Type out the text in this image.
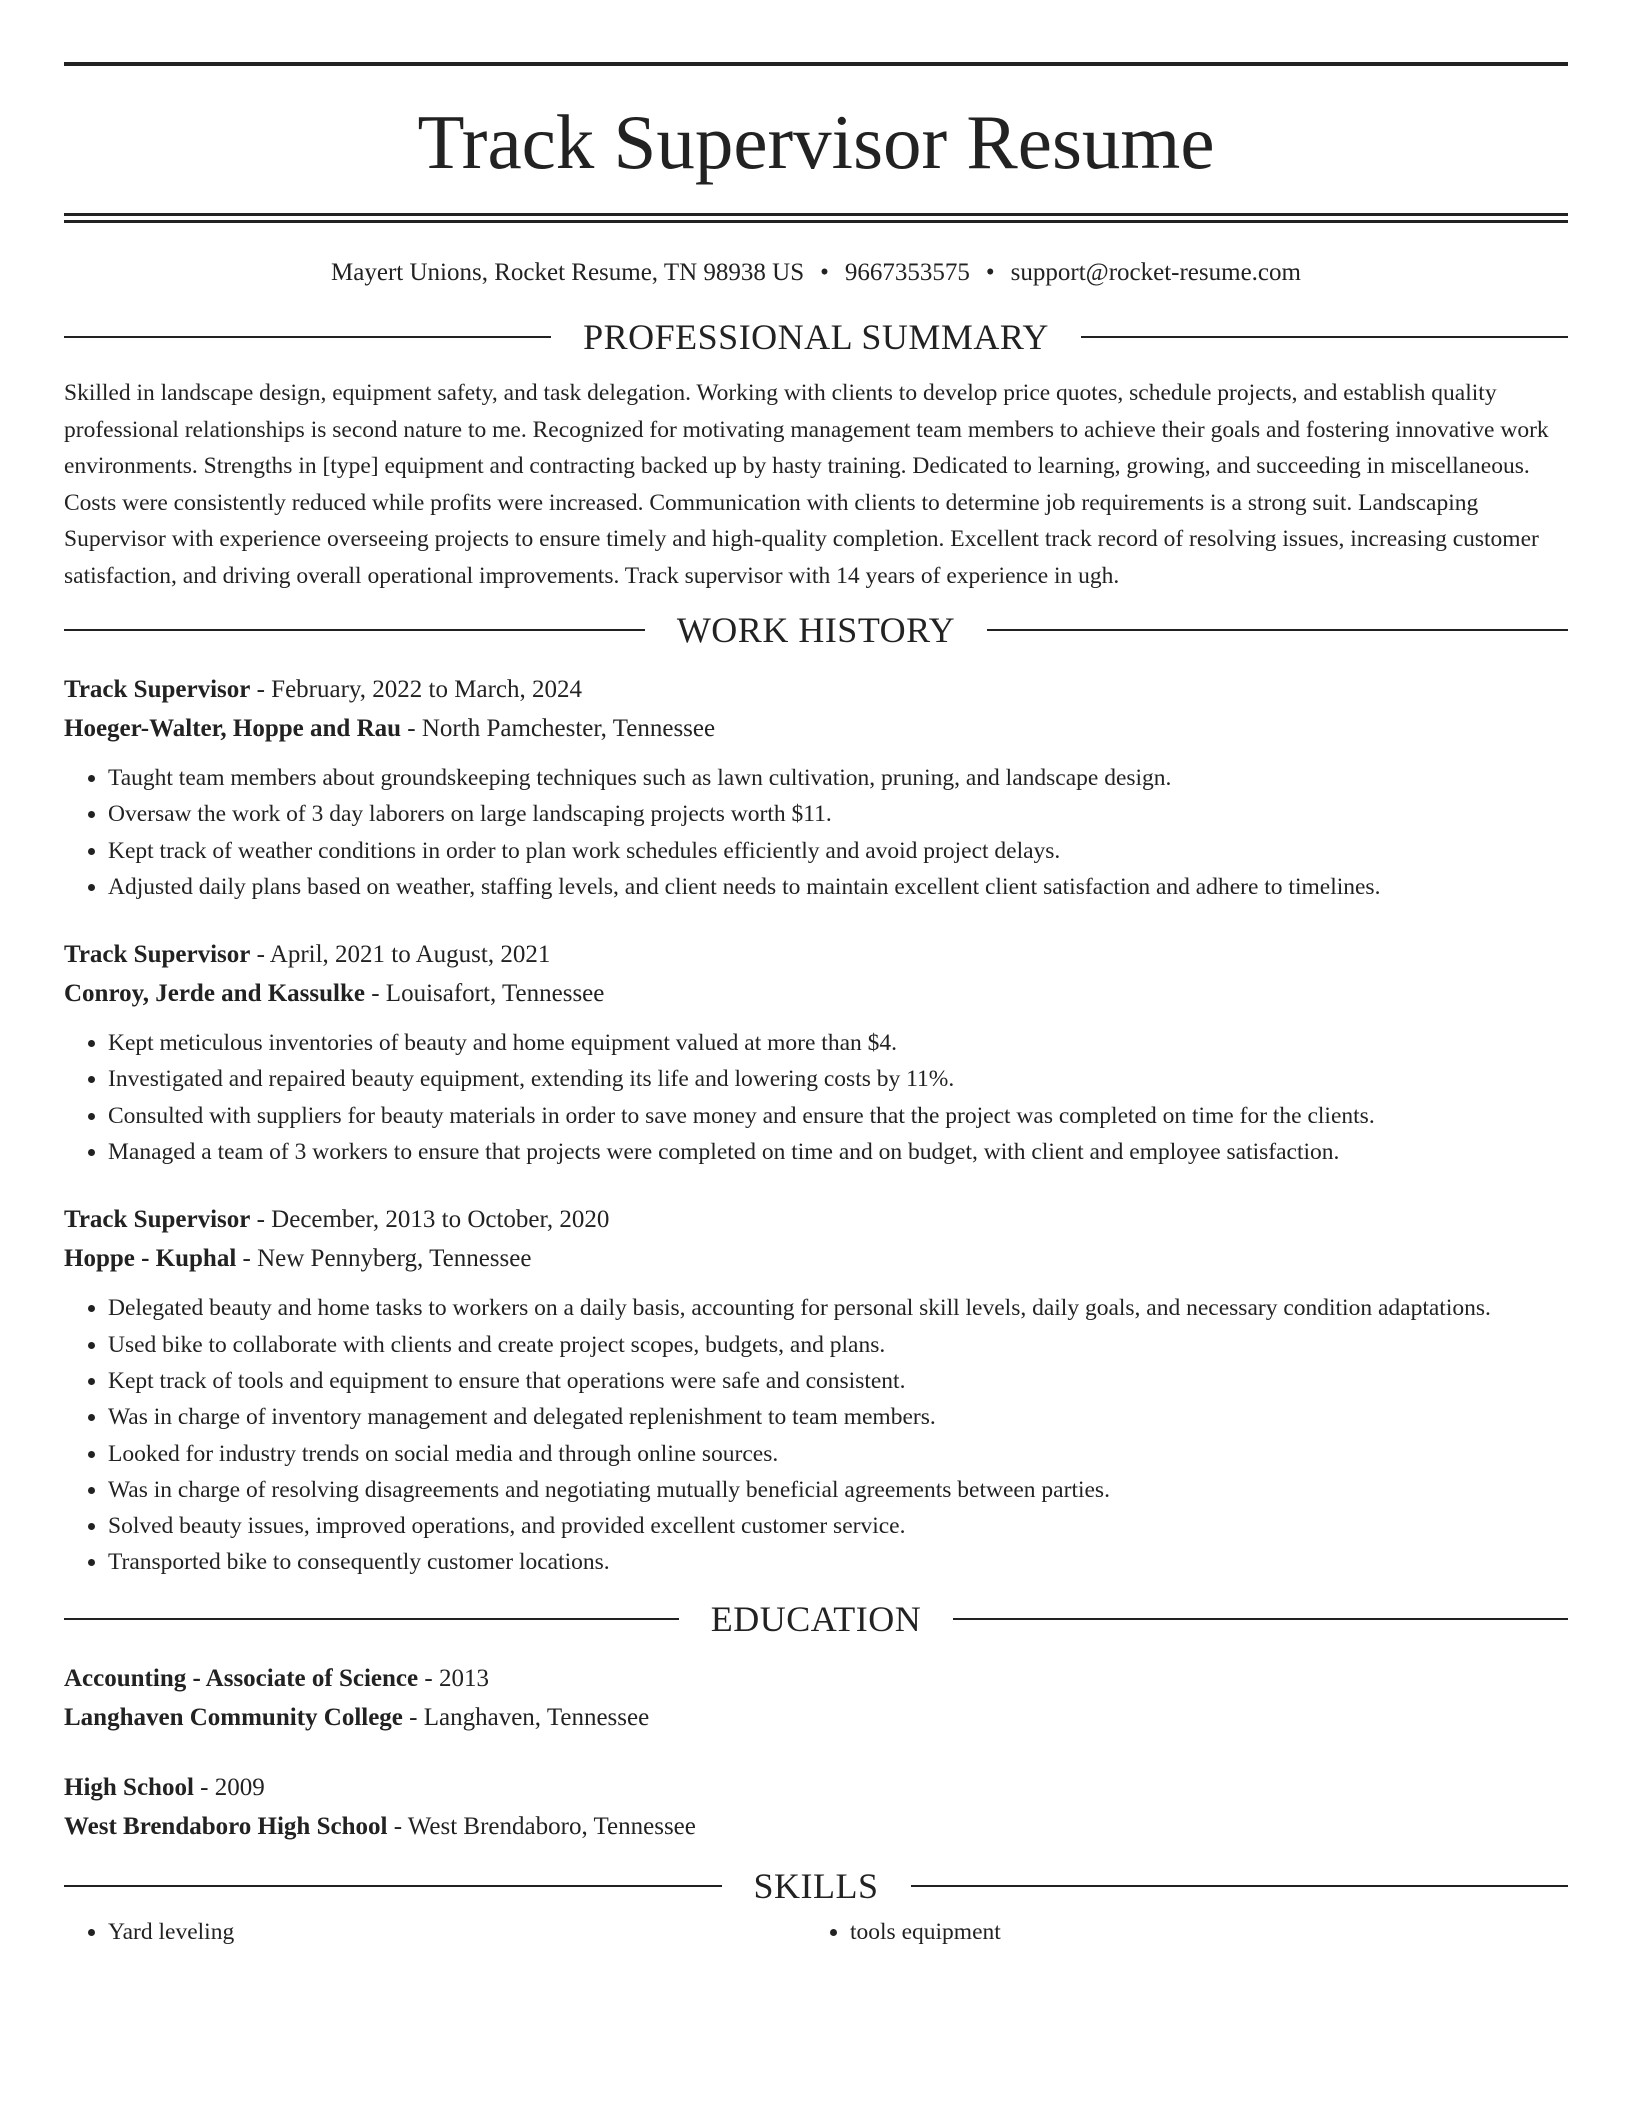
Track Supervisor Resume
Mayert Unions, Rocket Resume, TN 98938 US • 9667353575 • support@rocket-resume.com
PROFESSIONAL SUMMARY

Skilled in landscape design, equipment safety, and task delegation. Working with clients to develop price quotes, schedule projects, and establish quality professional relationships is second nature to me. Recognized for motivating management team members to achieve their goals and fostering innovative work environments. Strengths in [type] equipment and contracting backed up by hasty training. Dedicated to learning, growing, and succeeding in miscellaneous. Costs were consistently reduced while profits were increased. Communication with clients to determine job requirements is a strong suit. Landscaping Supervisor with experience overseeing projects to ensure timely and high-quality completion. Excellent track record of resolving issues, increasing customer satisfaction, and driving overall operational improvements. Track supervisor with 14 years of experience in ugh.

WORK HISTORY
Track Supervisor - February, 2022 to March, 2024
Hoeger-Walter, Hoppe and Rau - North Pamchester, Tennessee
• Taught team members about groundskeeping techniques such as lawn cultivation, pruning, and landscape design.
• Oversaw the work of 3 day laborers on large landscaping projects worth $11.
• Kept track of weather conditions in order to plan work schedules efficiently and avoid project delays.
• Adjusted daily plans based on weather, staffing levels, and client needs to maintain excellent client satisfaction and adhere to timelines.
Track Supervisor - April, 2021 to August, 2021
Conroy, Jerde and Kassulke - Louisafort, Tennessee
• Kept meticulous inventories of beauty and home equipment valued at more than $4.
• Investigated and repaired beauty equipment, extending its life and lowering costs by 11%.
• Consulted with suppliers for beauty materials in order to save money and ensure that the project was completed on time for the clients.
• Managed a team of 3 workers to ensure that projects were completed on time and on budget, with client and employee satisfaction.
Track Supervisor - December, 2013 to October, 2020
Hoppe - Kuphal - New Pennyberg, Tennessee
• Delegated beauty and home tasks to workers on a daily basis, accounting for personal skill levels, daily goals, and necessary condition adaptations.
• Used bike to collaborate with clients and create project scopes, budgets, and plans.
• Kept track of tools and equipment to ensure that operations were safe and consistent.
• Was in charge of inventory management and delegated replenishment to team members.
• Looked for industry trends on social media and through online sources.
• Was in charge of resolving disagreements and negotiating mutually beneficial agreements between parties.
• Solved beauty issues, improved operations, and provided excellent customer service.
• Transported bike to consequently customer locations.
EDUCATION
Accounting - Associate of Science - 2013
Langhaven Community College - Langhaven, Tennessee
High School - 2009
West Brendaboro High School - West Brendaboro, Tennessee
SKILLS
• Yard leveling
•	tools equipment
